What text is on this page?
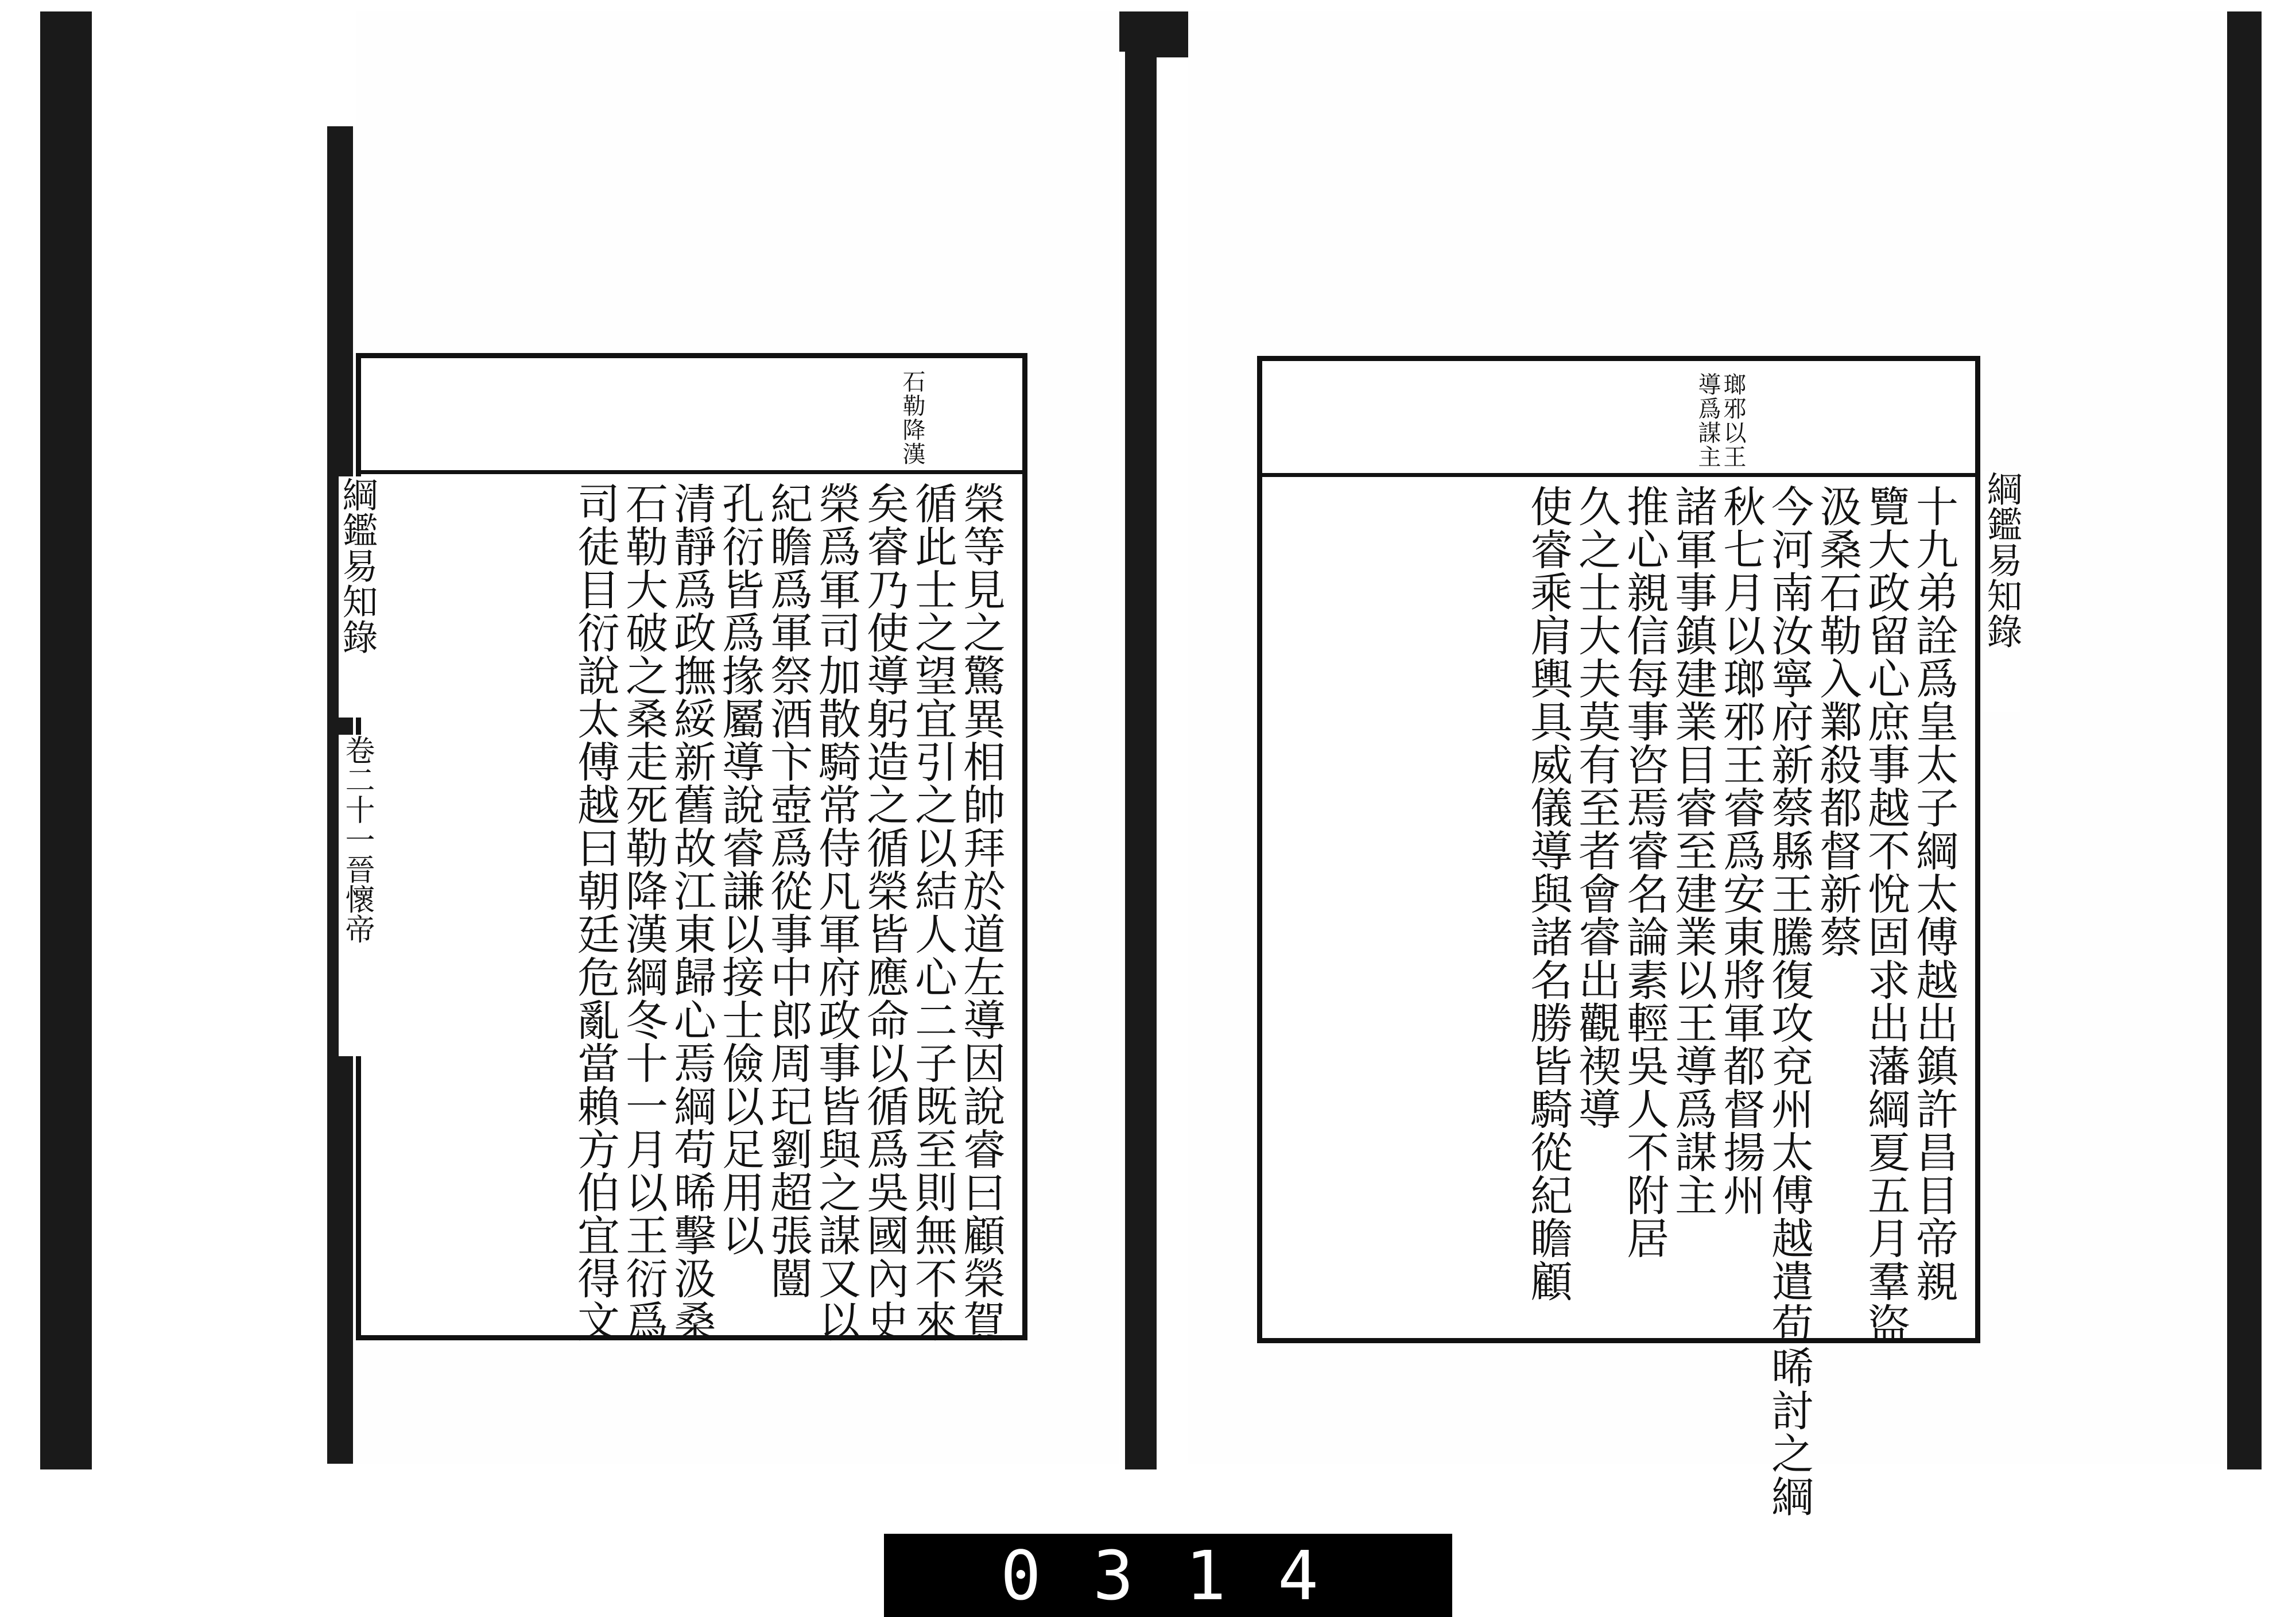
石勒降漢
榮等見之驚異相帥拜於道左導因說睿曰顧榮賀
循此士之望宜引之以結人心二子既至則無不來
矣睿乃使導躬造之循榮皆應命以循爲吳國內史
榮爲軍司加散騎常侍凡軍府政事皆與之謀又以
紀瞻爲軍祭酒卞壺爲從事中郎周玘劉超張闓
孔衍皆爲掾屬導說睿謙以接士儉以足用以
清靜爲政撫綏新舊故江東歸心焉綱苟晞擊汲桑
石勒大破之桑走死勒降漢綱冬十一月以王衍爲
司徒目衍說太傅越曰朝廷危亂當賴方伯宜得文
綱鑑易知錄
卷二十一晉懷帝
瑯邪以王導爲謀主
十九弟詮爲皇太子綱太傅越出鎮許昌目帝親
覽大政留心庶事越不悅固求出藩綱夏五月羣盜
汲桑石勒入鄴殺都督新蔡
今河南汝寧府新蔡縣王騰復攻兗州太傅越遣苟晞討之綱
秋七月以瑯邪王睿爲安東將軍都督揚州
諸軍事鎮建業目睿至建業以王導爲謀主
推心親信每事咨焉睿名論素輕吳人不附居
久之士大夫莫有至者會睿出觀禊導
使睿乘肩輿具威儀導與諸名勝皆騎從紀瞻顧	綱鑑易知錄
0314
